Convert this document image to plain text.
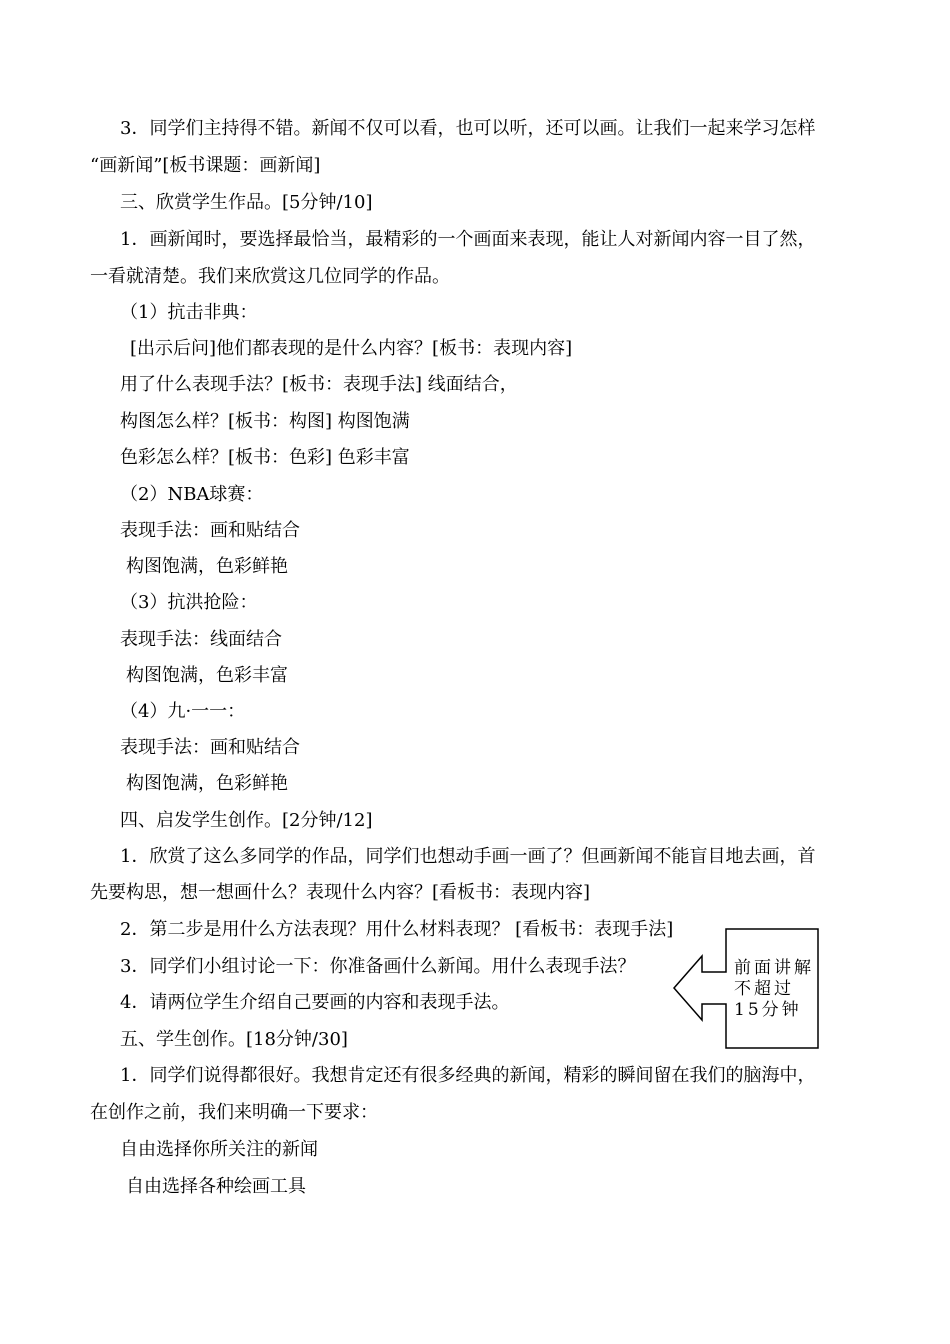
3．同学们主持得不错。新闻不仅可以看，也可以听，还可以画。让我们一起来学习怎样
“画新闻”[板书课题：画新闻]
三、欣赏学生作品。[5分钟/10]
1．画新闻时，要选择最恰当，最精彩的一个画面来表现，能让人对新闻内容一目了然，
一看就清楚。我们来欣赏这几位同学的作品。
（1）抗击非典：
[出示后问]他们都表现的是什么内容？[板书：表现内容]
用了什么表现手法？[板书：表现手法] 线面结合，
构图怎么样？[板书：构图] 构图饱满
色彩怎么样？[板书：色彩] 色彩丰富
（2）NBA球赛：
表现手法：画和贴结合
构图饱满，色彩鲜艳
（3）抗洪抢险：
表现手法：线面结合
构图饱满，色彩丰富
（4）九·一一：
表现手法：画和贴结合
构图饱满，色彩鲜艳
四、启发学生创作。[2分钟/12]
1．欣赏了这么多同学的作品，同学们也想动手画一画了？但画新闻不能盲目地去画，首
先要构思，想一想画什么？表现什么内容？[看板书：表现内容]
2．第二步是用什么方法表现？用什么材料表现？ [看板书：表现手法]
3．同学们小组讨论一下：你准备画什么新闻。用什么表现手法？
4．请两位学生介绍自己要画的内容和表现手法。
五、学生创作。[18分钟/30]
1．同学们说得都很好。我想肯定还有很多经典的新闻，精彩的瞬间留在我们的脑海中，
在创作之前，我们来明确一下要求：
自由选择你所关注的新闻
自由选择各种绘画工具
前面讲解不超过15分钟
